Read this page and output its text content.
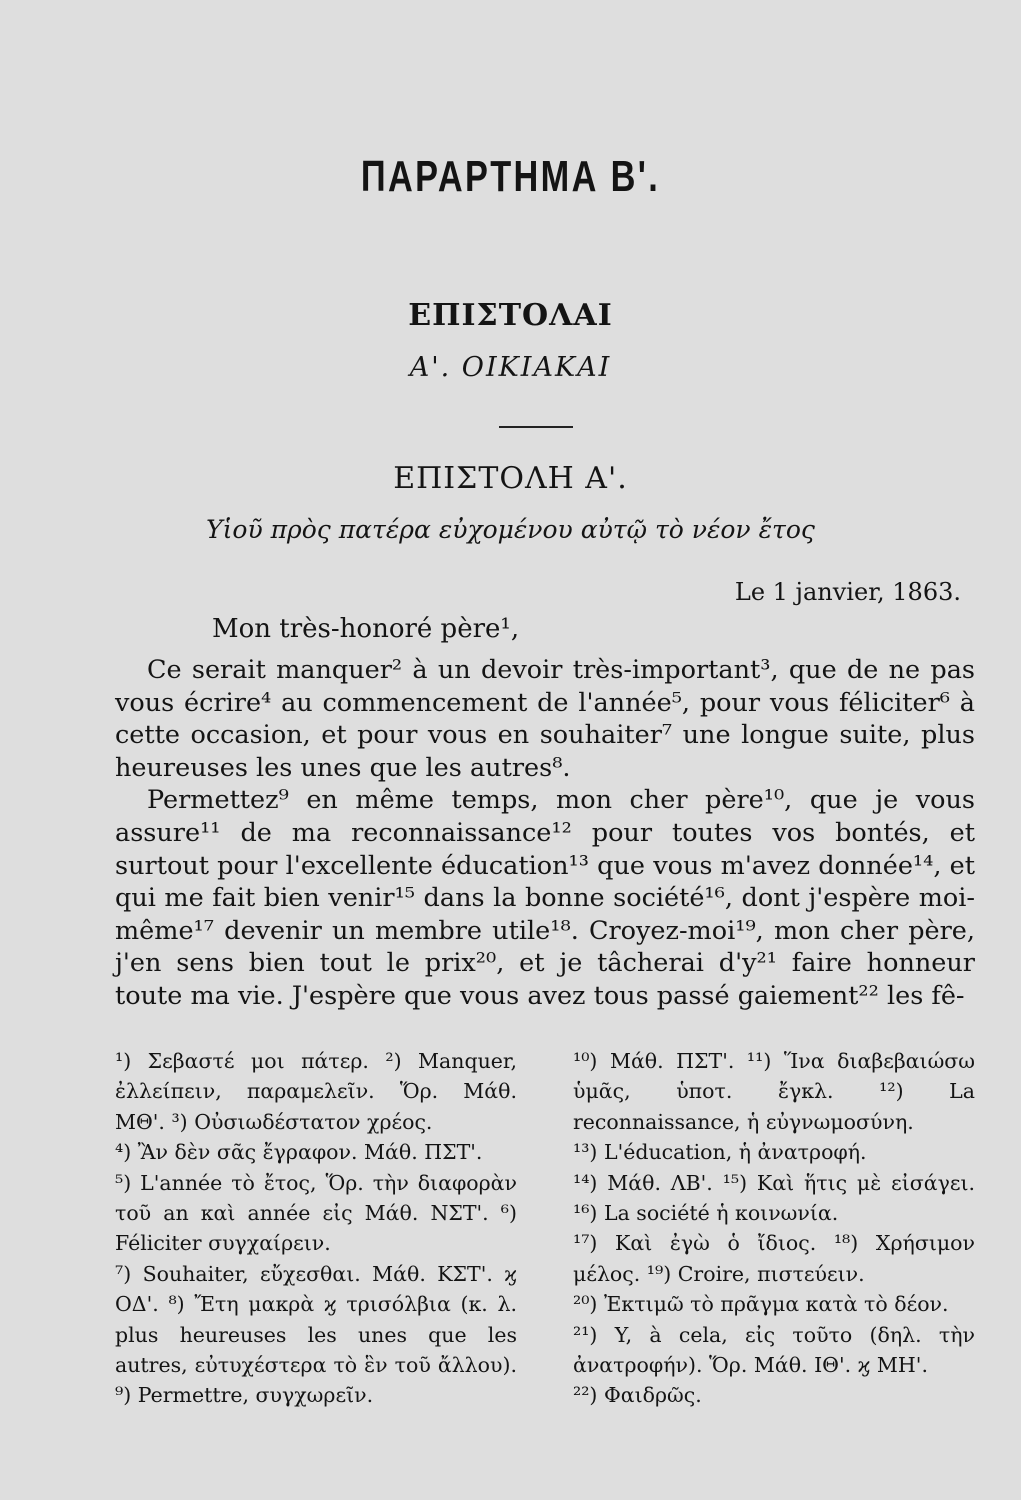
ΠΑΡΑΡΤΗΜΑ Β'.
ΕΠΙΣΤΟΛΑΙ
Α'. ΟΙΚΙΑΚΑΙ
ΕΠΙΣΤΟΛΗ Α'.
Υἱοῦ πρὸς πατέρα εὐχομένου αὐτῷ τὸ νέον ἔτος
Le 1 janvier, 1863.
Mon très-honoré père¹,

Ce serait manquer² à un devoir très-important³, que de ne pas vous écrire⁴ au commencement de l'année⁵, pour vous féliciter⁶ à cette occasion, et pour vous en souhaiter⁷ une longue suite, plus heureuses les unes que les autres⁸.

Permettez⁹ en même temps, mon cher père¹⁰, que je vous assure¹¹ de ma reconnaissance¹² pour toutes vos bontés, et surtout pour l'excellente éducation¹³ que vous m'avez donnée¹⁴, et qui me fait bien venir¹⁵ dans la bonne société¹⁶, dont j'espère moi-même¹⁷ devenir un membre utile¹⁸. Croyez-moi¹⁹, mon cher père, j'en sens bien tout le prix²⁰, et je tâcherai d'y²¹ faire honneur toute ma vie. J'espère que vous avez tous passé gaiement²² les fê-

¹) Σεβαστέ μοι πάτερ. ²) Manquer, ἐλλείπειν, παραμελεῖν. Ὅρ. Μάθ. ΜΘ'. ³) Οὐσιωδέστατον χρέος.
⁴) Ἂν δὲν σᾶς ἔγραφον. Μάθ. ΠΣΤ'.
⁵) L'année τὸ ἔτος, Ὅρ. τὴν διαφορὰν τοῦ an καὶ année εἰς Μάθ. ΝΣΤ'. ⁶) Féliciter συγχαίρειν.
⁷) Souhaiter, εὔχεσθαι. Μάθ. ΚΣΤ'. ϗ ΟΔ'. ⁸) Ἔτη μακρὰ ϗ τρισόλβια (κ. λ. plus heureuses les unes que les autres, εὐτυχέστερα τὸ ἓν τοῦ ἄλλου). ⁹) Permettre, συγχωρεῖν.
¹⁰) Μάθ. ΠΣΤ'. ¹¹) Ἵνα διαβεβαιώσω ὑμᾶς, ὑποτ. ἔγκλ. ¹²) La reconnaissance, ἡ εὐγνωμοσύνη.
¹³) L'éducation, ἡ ἀνατροφή.
¹⁴) Μάθ. ΛΒ'. ¹⁵) Καὶ ἥτις μὲ εἰσάγει. ¹⁶) La société ἡ κοινωνία.
¹⁷) Καὶ ἐγὼ ὁ ἴδιος. ¹⁸) Χρήσιμον μέλος. ¹⁹) Croire, πιστεύειν.
²⁰) Ἐκτιμῶ τὸ πρᾶγμα κατὰ τὸ δέον.
²¹) Y, à cela, εἰς τοῦτο (δηλ. τὴν ἀνατροφήν). Ὅρ. Μάθ. ΙΘ'. ϗ ΜΗ'.
²²) Φαιδρῶς.
